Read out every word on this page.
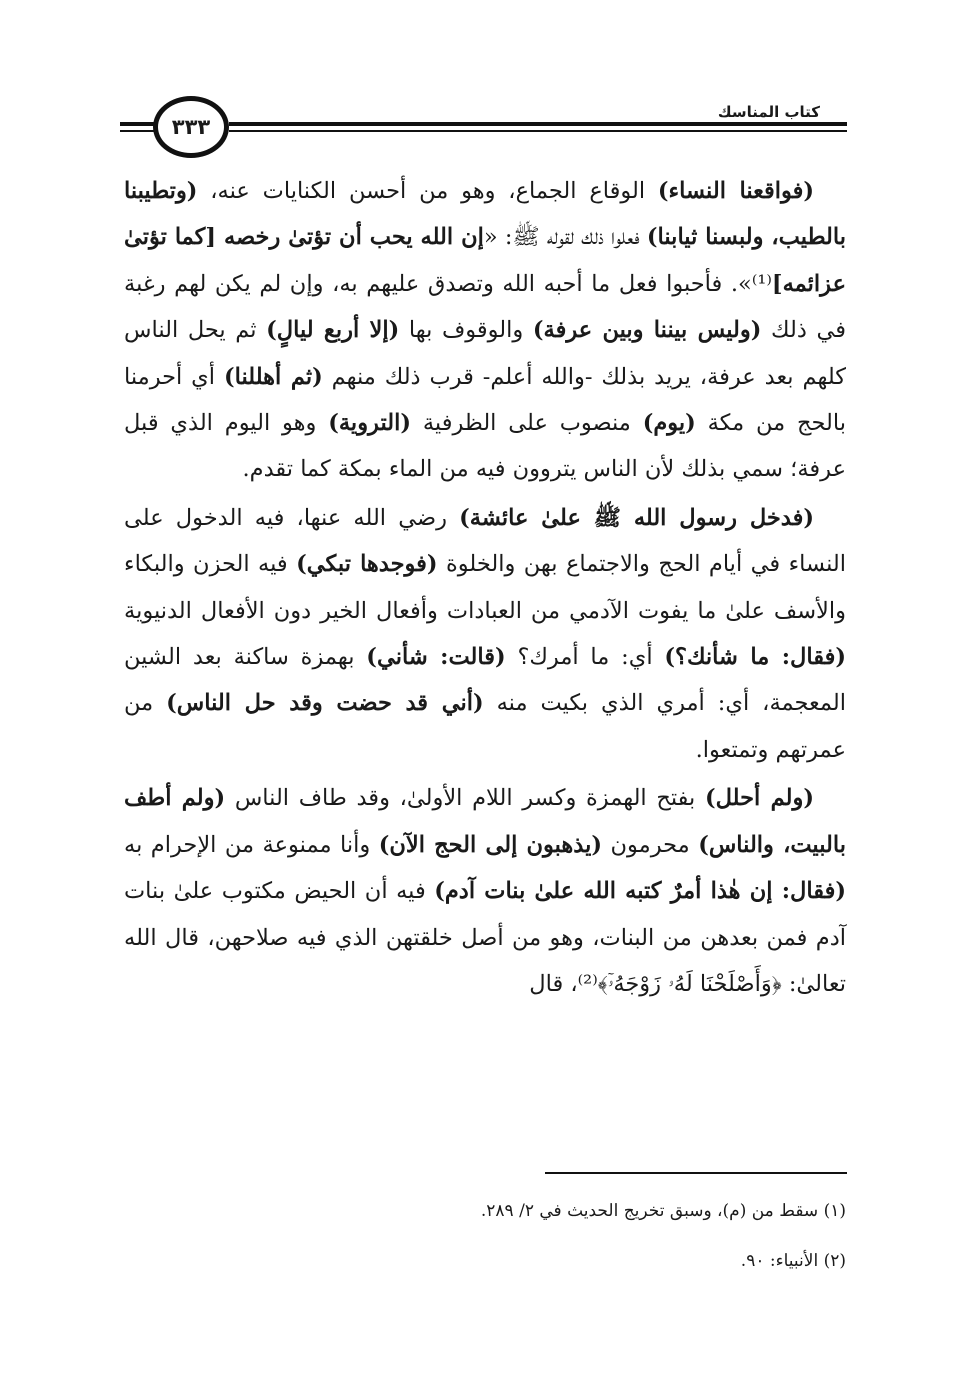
كتاب المناسك
٣٣٣

(فواقعنا النساء) الوقاع الجماع، وهو من أحسن الكنايات عنه، (وتطيبنا بالطيب، ولبسنا ثيابنا) فعلوا ذلك لقوله ﷺ: «إن الله يحب أن تؤتىٰ رخصه [كما تؤتىٰ عزائمه]⁽¹⁾». فأحبوا فعل ما أحبه الله وتصدق عليهم به، وإن لم يكن لهم رغبة في ذلك (وليس بيننا وبين عرفة) والوقوف بها (إلا أربع ليالٍ) ثم يحل الناس كلهم بعد عرفة، يريد بذلك -والله أعلم- قرب ذلك منهم (ثم أهللنا) أي أحرمنا بالحج من مكة (يوم) منصوب على الظرفية (التروية) وهو اليوم الذي قبل عرفة؛ سمي بذلك لأن الناس يتروون فيه من الماء بمكة كما تقدم.

(فدخل رسول الله ﷺ علىٰ عائشة) رضي الله عنها، فيه الدخول على النساء في أيام الحج والاجتماع بهن والخلوة (فوجدها تبكي) فيه الحزن والبكاء والأسف علىٰ ما يفوت الآدمي من العبادات وأفعال الخير دون الأفعال الدنيوية (فقال: ما شأنك؟) أي: ما أمرك؟ (قالت: شأني) بهمزة ساكنة بعد الشين المعجمة، أي: أمري الذي بكيت منه (أني قد حضت وقد حل الناس) من عمرتهم وتمتعوا.

(ولم أحلل) بفتح الهمزة وكسر اللام الأولىٰ، وقد طاف الناس (ولم أطف بالبيت، والناس) محرمون (يذهبون إلى الحج الآن) وأنا ممنوعة من الإحرام به (فقال: إن هٰذا أمرٌ كتبه الله علىٰ بنات آدم) فيه أن الحيض مكتوب علىٰ بنات آدم فمن بعدهن من البنات، وهو من أصل خلقتهن الذي فيه صلاحهن، قال الله تعالىٰ: ﴿وَأَصْلَحْنَا لَهُۥ زَوْجَهُۥٓ﴾⁽²⁾، قال

(١) سقط من (م)، وسبق تخريج الحديث في ٢/ ٢٨٩.
(٢) الأنبياء: ٩٠.
